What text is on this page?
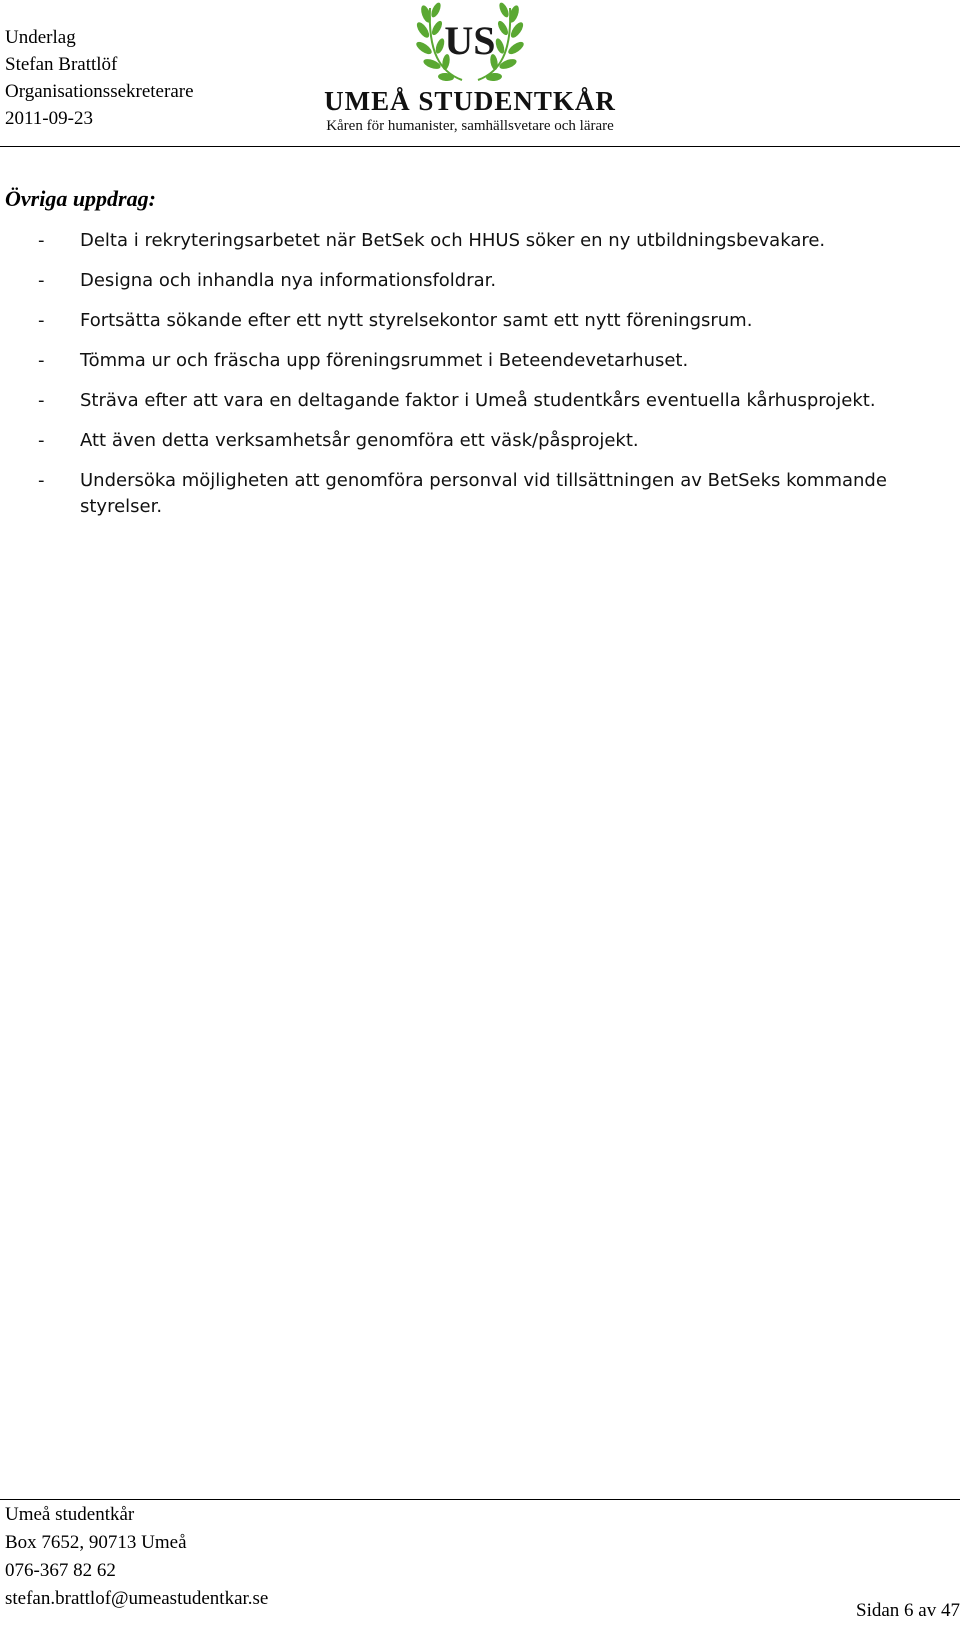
Underlag
Stefan Brattlöf
Organisationssekreterare
2011-09-23
US
UMEÅ STUDENTKÅR
Kåren för humanister, samhällsvetare och lärare
Övriga uppdrag:
- Delta i rekryteringsarbetet när BetSek och HHUS söker en ny utbildningsbevakare.
- Designa och inhandla nya informationsfoldrar.
- Fortsätta sökande efter ett nytt styrelsekontor samt ett nytt föreningsrum.
- Tömma ur och fräscha upp föreningsrummet i Beteendevetarhuset.
- Sträva efter att vara en deltagande faktor i Umeå studentkårs eventuella kårhusprojekt.
- Att även detta verksamhetsår genomföra ett väsk/påsprojekt.
- Undersöka möjligheten att genomföra personval vid tillsättningen av BetSeks kommande styrelser.
Umeå studentkår
Box 7652, 90713 Umeå
076-367 82 62
stefan.brattlof@umeastudentkar.se
Sidan 6 av 47
